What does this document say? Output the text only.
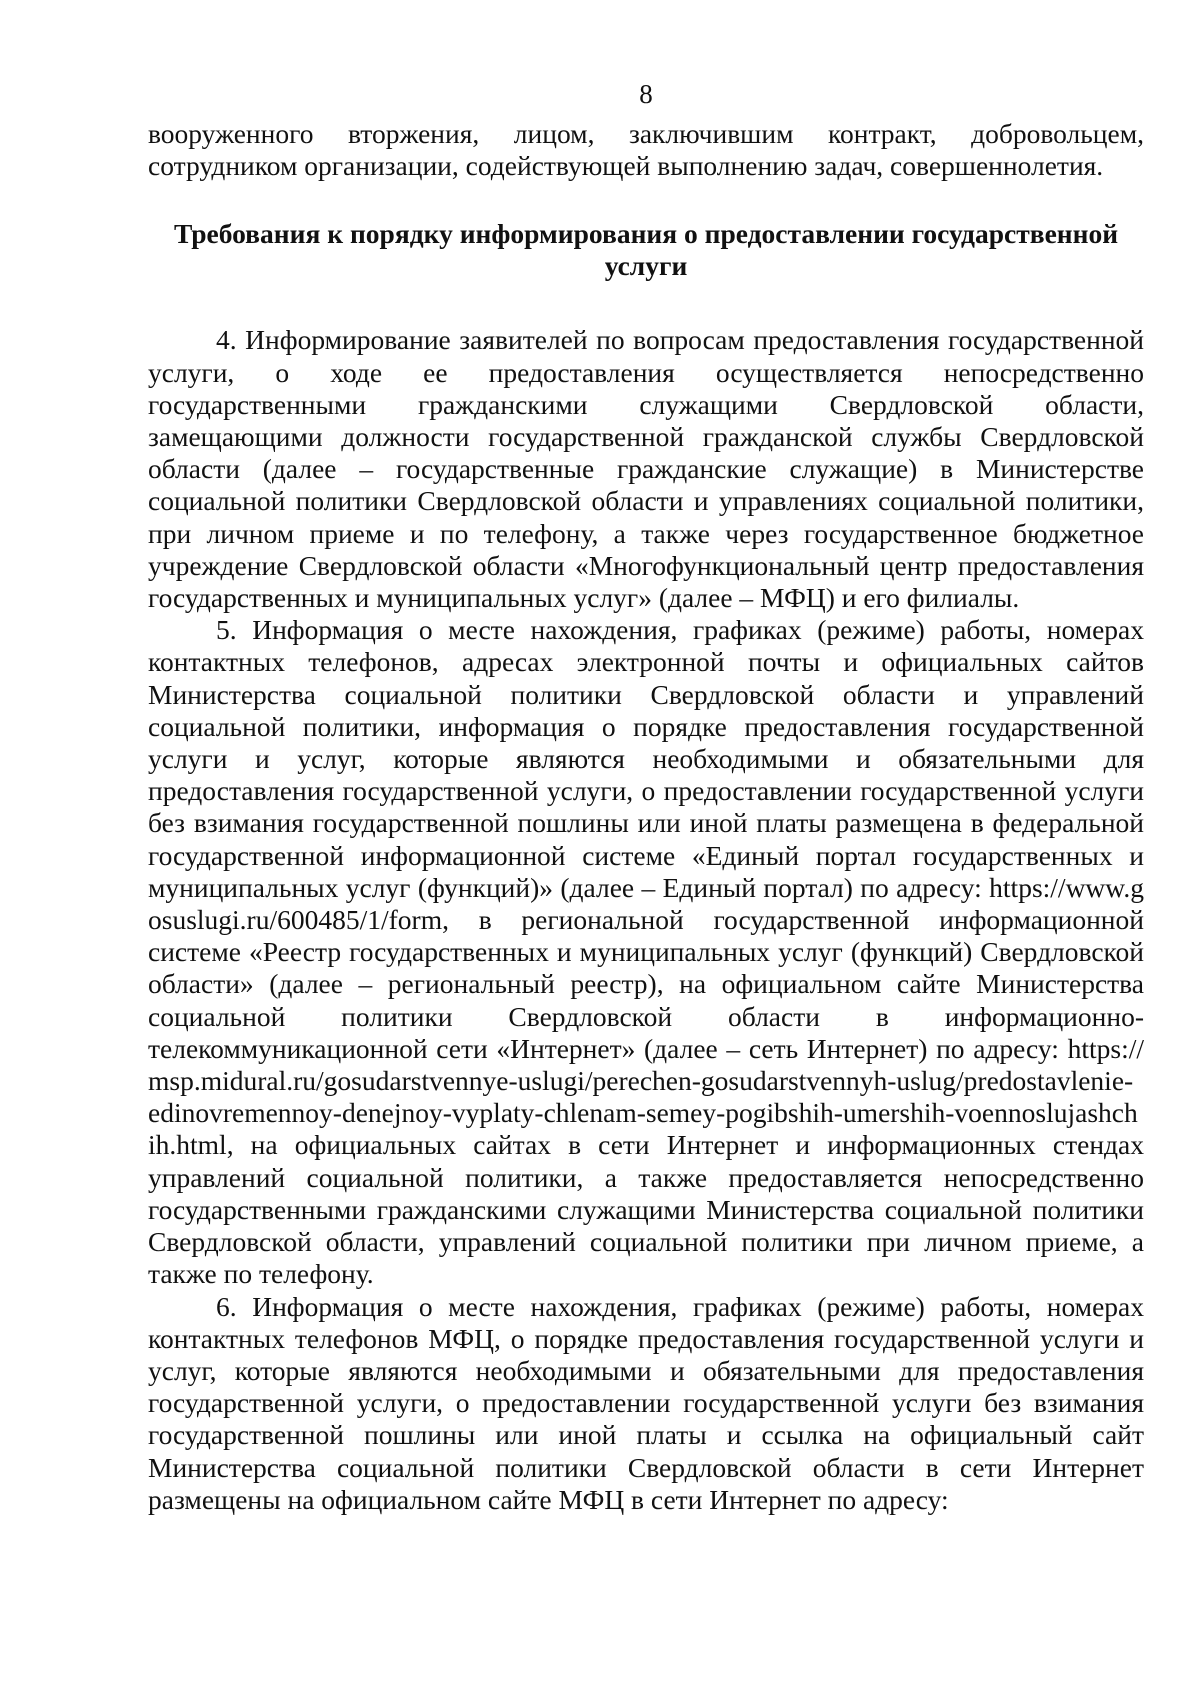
8

вооруженного вторжения, лицом, заключившим контракт, добровольцем, сотрудником организации, содействующей выполнению задач, совершеннолетия.

Требования к порядку информирования о предоставлении государственной услуги

4. Информирование заявителей по вопросам предоставления государственной услуги, о ходе ее предоставления осуществляется непосредственно государственными гражданскими служащими Свердловской области, замещающими должности государственной гражданской службы Свердловской области (далее – государственные гражданские служащие) в Министерстве социальной политики Свердловской области и управлениях социальной политики, при личном приеме и по телефону, а также через государственное бюджетное учреждение Свердловской области «Многофункциональный центр предоставления государственных и муниципальных услуг» (далее – МФЦ) и его филиалы.

5. Информация о месте нахождения, графиках (режиме) работы, номерах контактных телефонов, адресах электронной почты и официальных сайтов Министерства социальной политики Свердловской области и управлений социальной политики, информация о порядке предоставления государственной услуги и услуг, которые являются необходимыми и обязательными для предоставления государственной услуги, о предоставлении государственной услуги без взимания государственной пошлины или иной платы размещена в федеральной государственной информационной системе «Единый портал государственных и муниципальных услуг (функций)» (далее – Единый портал) по адресу: https://www.gosuslugi.ru/600485/1/form, в региональной государственной информационной системе «Реестр государственных и муниципальных услуг (функций) Свердловской области» (далее – региональный реестр), на официальном сайте Министерства социальной политики Свердловской области в информационно-телекоммуникационной сети «Интернет» (далее – сеть Интернет) по адресу: https://msp.midural.ru/gosudarstvennye-uslugi/perechen-gosudarstvennyh-uslug/predostavlenie-edinovremennoy-denejnoy-vyplaty-chlenam-semey-pogibshih-umershih-voennoslujashchih.html, на официальных сайтах в сети Интернет и информационных стендах управлений социальной политики, а также предоставляется непосредственно государственными гражданскими служащими Министерства социальной политики Свердловской области, управлений социальной политики при личном приеме, а также по телефону.

6. Информация о месте нахождения, графиках (режиме) работы, номерах контактных телефонов МФЦ, о порядке предоставления государственной услуги и услуг, которые являются необходимыми и обязательными для предоставления государственной услуги, о предоставлении государственной услуги без взимания государственной пошлины или иной платы и ссылка на официальный сайт Министерства социальной политики Свердловской области в сети Интернет размещены на официальном сайте МФЦ в сети Интернет по адресу:
